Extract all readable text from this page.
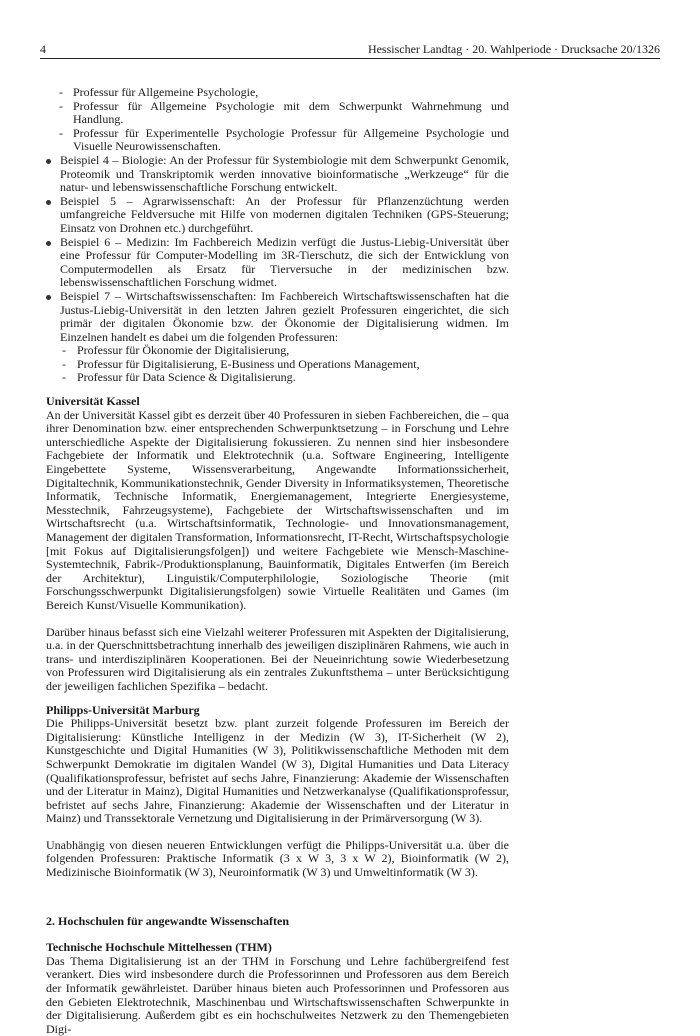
4	Hessischer Landtag · 20. Wahlperiode · Drucksache 20/1326
- Professur für Allgemeine Psychologie,
- Professur für Allgemeine Psychologie mit dem Schwerpunkt Wahrnehmung und Handlung.
- Professur für Experimentelle Psychologie Professur für Allgemeine Psychologie und Visuelle Neurowissenschaften.
Beispiel 4 – Biologie: An der Professur für Systembiologie mit dem Schwerpunkt Genomik, Proteomik und Transkriptomik werden innovative bioinformatische „Werkzeuge“ für die natur- und lebenswissenschaftliche Forschung entwickelt.
Beispiel 5 – Agrarwissenschaft: An der Professur für Pflanzenzüchtung werden umfangreiche Feldversuche mit Hilfe von modernen digitalen Techniken (GPS-Steuerung; Einsatz von Drohnen etc.) durchgeführt.
Beispiel 6 – Medizin: Im Fachbereich Medizin verfügt die Justus-Liebig-Universität über eine Professur für Computer-Modelling im 3R-Tierschutz, die sich der Entwicklung von Computermodellen als Ersatz für Tierversuche in der medizinischen bzw. lebenswissenschaftlichen Forschung widmet.
Beispiel 7 – Wirtschaftswissenschaften: Im Fachbereich Wirtschaftswissenschaften hat die Justus-Liebig-Universität in den letzten Jahren gezielt Professuren eingerichtet, die sich primär der digitalen Ökonomie bzw. der Ökonomie der Digitalisierung widmen. Im Einzelnen handelt es dabei um die folgenden Professuren:
- Professur für Ökonomie der Digitalisierung,
- Professur für Digitalisierung, E-Business und Operations Management,
- Professur für Data Science & Digitalisierung.

Universität Kassel

An der Universität Kassel gibt es derzeit über 40 Professuren in sieben Fachbereichen, die – qua ihrer Denomination bzw. einer entsprechenden Schwerpunktsetzung – in Forschung und Lehre unterschiedliche Aspekte der Digitalisierung fokussieren. Zu nennen sind hier insbesondere Fachgebiete der Informatik und Elektrotechnik (u.a. Software Engineering, Intelligente Eingebettete Systeme, Wissensverarbeitung, Angewandte Informationssicherheit, Digitaltechnik, Kommunikationstechnik, Gender Diversity in Informatiksystemen, Theoretische Informatik, Technische Informatik, Energiemanagement, Integrierte Energiesysteme, Messtechnik, Fahrzeugsysteme), Fachgebiete der Wirtschaftswissenschaften und im Wirtschaftsrecht (u.a. Wirtschaftsinformatik, Technologie- und Innovationsmanagement, Management der digitalen Transformation, Informationsrecht, IT-Recht, Wirtschaftspsychologie [mit Fokus auf Digitalisierungsfolgen]) und weitere Fachgebiete wie Mensch-Maschine-Systemtechnik, Fabrik-/Produktionsplanung, Bauinformatik, Digitales Entwerfen (im Bereich der Architektur), Linguistik/Computerphilologie, Soziologische Theorie (mit Forschungsschwerpunkt Digitalisierungsfolgen) sowie Virtuelle Realitäten und Games (im Bereich Kunst/Visuelle Kommunikation).

Darüber hinaus befasst sich eine Vielzahl weiterer Professuren mit Aspekten der Digitalisierung, u.a. in der Querschnittsbetrachtung innerhalb des jeweiligen disziplinären Rahmens, wie auch in trans- und interdisziplinären Kooperationen. Bei der Neueinrichtung sowie Wiederbesetzung von Professuren wird Digitalisierung als ein zentrales Zukunftsthema – unter Berücksichtigung der jeweiligen fachlichen Spezifika – bedacht.

Philipps-Universität Marburg

Die Philipps-Universität besetzt bzw. plant zurzeit folgende Professuren im Bereich der Digitalisierung: Künstliche Intelligenz in der Medizin (W 3), IT-Sicherheit (W 2), Kunstgeschichte und Digital Humanities (W 3), Politikwissenschaftliche Methoden mit dem Schwerpunkt Demokratie im digitalen Wandel (W 3), Digital Humanities und Data Literacy (Qualifikationsprofessur, befristet auf sechs Jahre, Finanzierung: Akademie der Wissenschaften und der Literatur in Mainz), Digital Humanities und Netzwerkanalyse (Qualifikationsprofessur, befristet auf sechs Jahre, Finanzierung: Akademie der Wissenschaften und der Literatur in Mainz) und Transsektorale Vernetzung und Digitalisierung in der Primärversorgung (W 3).

Unabhängig von diesen neueren Entwicklungen verfügt die Philipps-Universität u.a. über die folgenden Professuren: Praktische Informatik (3 x W 3, 3 x W 2), Bioinformatik (W 2), Medizinische Bioinformatik (W 3), Neuroinformatik (W 3) und Umweltinformatik (W 3).

2. Hochschulen für angewandte Wissenschaften

Technische Hochschule Mittelhessen (THM)

Das Thema Digitalisierung ist an der THM in Forschung und Lehre fachübergreifend fest verankert. Dies wird insbesondere durch die Professorinnen und Professoren aus dem Bereich der Informatik gewährleistet. Darüber hinaus bieten auch Professorinnen und Professoren aus den Gebieten Elektrotechnik, Maschinenbau und Wirtschaftswissenschaften Schwerpunkte in der Digitalisierung. Außerdem gibt es ein hochschulweites Netzwerk zu den Themengebieten Digi-
